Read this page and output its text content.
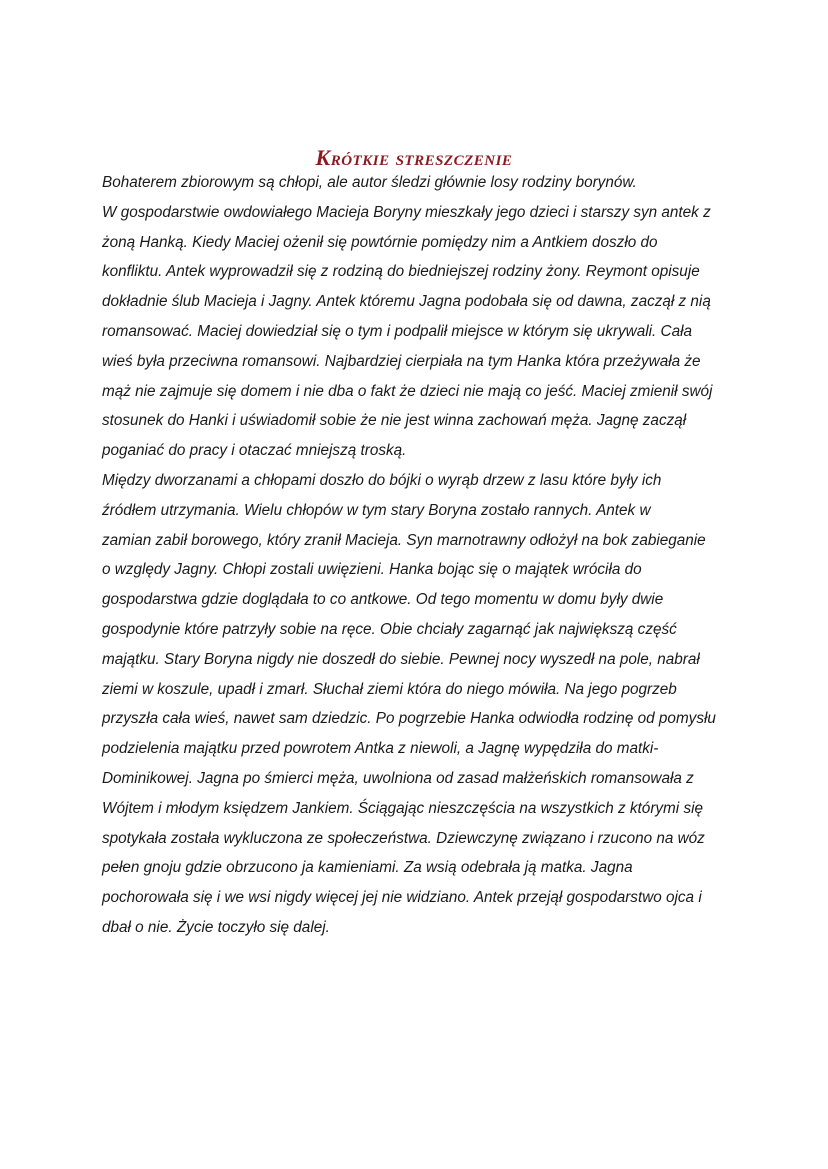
Krótkie streszczenie
Bohaterem zbiorowym są chłopi, ale autor śledzi głównie losy rodziny borynów.
W gospodarstwie owdowiałego Macieja Boryny mieszkały jego dzieci i starszy syn antek z
żoną Hanką. Kiedy Maciej ożenił się powtórnie pomiędzy nim a Antkiem doszło do
konfliktu. Antek wyprowadził się z rodziną do biedniejszej rodziny żony. Reymont opisuje
dokładnie ślub Macieja i Jagny. Antek któremu Jagna podobała się od dawna, zaczął z nią
romansować. Maciej dowiedział się o tym i podpalił miejsce w którym się ukrywali. Cała
wieś była przeciwna romansowi. Najbardziej cierpiała na tym Hanka która przeżywała że
mąż nie zajmuje się domem i nie dba o fakt że dzieci nie mają co jeść. Maciej zmienił swój
stosunek do Hanki i uświadomił sobie że nie jest winna zachowań męża. Jagnę zaczął
poganiać do pracy i otaczać mniejszą troską.
Między dworzanami a chłopami doszło do bójki o wyrąb drzew z lasu które były ich
źródłem utrzymania. Wielu chłopów w tym stary Boryna zostało rannych. Antek w
zamian zabił borowego, który zranił Macieja. Syn marnotrawny odłożył na bok zabieganie
o względy Jagny. Chłopi zostali uwięzieni. Hanka bojąc się o majątek wróciła do
gospodarstwa gdzie doglądała to co antkowe. Od tego momentu w domu były dwie
gospodynie które patrzyły sobie na ręce. Obie chciały zagarnąć jak największą część
majątku. Stary Boryna nigdy nie doszedł do siebie. Pewnej nocy wyszedł na pole, nabrał
ziemi w koszule, upadł i zmarł. Słuchał ziemi która do niego mówiła. Na jego pogrzeb
przyszła cała wieś, nawet sam dziedzic. Po pogrzebie Hanka odwiodła rodzinę od pomysłu
podzielenia majątku przed powrotem Antka z niewoli, a Jagnę wypędziła do matki-
Dominikowej. Jagna po śmierci męża, uwolniona od zasad małżeńskich romansowała z
Wójtem i młodym księdzem Jankiem. Ściągając nieszczęścia na wszystkich z którymi się
spotykała została wykluczona ze społeczeństwa. Dziewczynę związano i rzucono na wóz
pełen gnoju gdzie obrzucono ja kamieniami. Za wsią odebrała ją matka. Jagna
pochorowała się i we wsi nigdy więcej jej nie widziano. Antek przejął gospodarstwo ojca i
dbał o nie. Życie toczyło się dalej.
